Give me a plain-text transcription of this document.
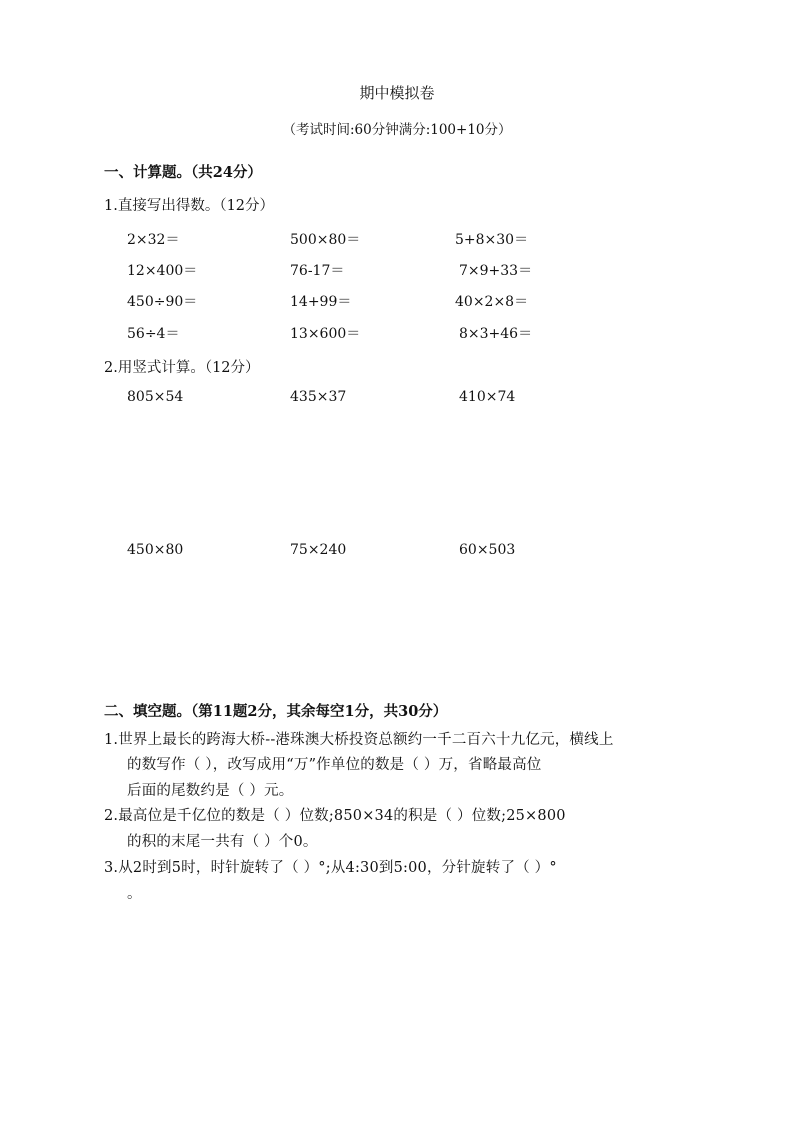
期中模拟卷
（考试时间:60分钟满分:100+10分）
一、计算题。（共24分）
1.直接写出得数。（12分）
2×32＝	500×80＝	5+8×30＝
12×400＝	76-17＝	7×9+33＝
450÷90＝	14+99＝	40×2×8＝
56÷4＝	13×600＝	8×3+46＝
2.用竖式计算。（12分）
805×54	435×37	410×74
450×80	75×240	60×503
二、填空题。（第11题2分，其余每空1分，共30分）
1.世界上最长的跨海大桥--港珠澳大桥投资总额约一千二百六十九亿元，横线上
的数写作（ ），改写成用“万”作单位的数是（ ）万，省略最高位
后面的尾数约是（ ）元。
2.最高位是千亿位的数是（ ）位数;850×34的积是（ ）位数;25×800
的积的末尾一共有（ ）个0。
3.从2时到5时，时针旋转了（ ）°;从4:30到5:00，分针旋转了（ ）°
。
